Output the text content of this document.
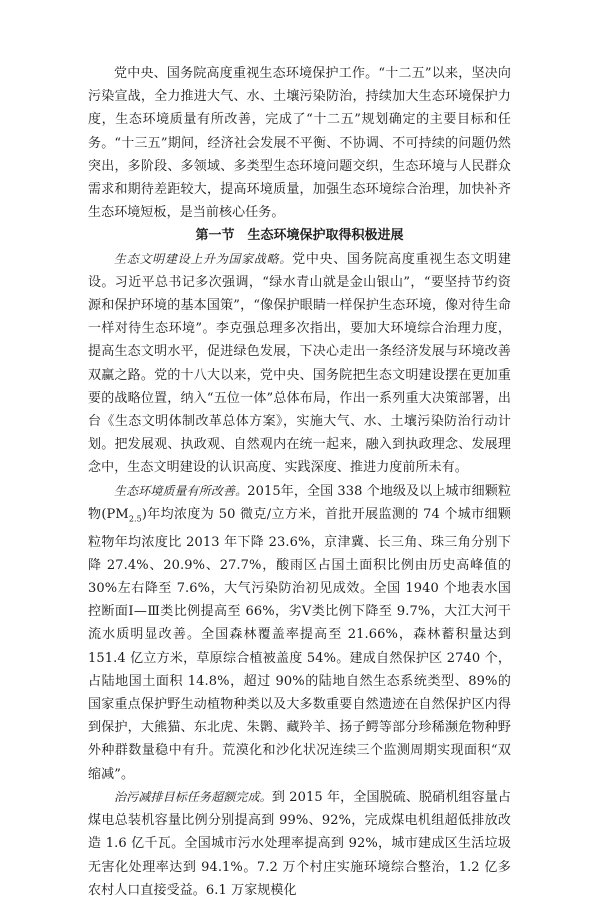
党中央、国务院高度重视生态环境保护工作。“十二五”以来，坚决向污染宣战，全力推进大气、水、土壤污染防治，持续加大生态环境保护力度，生态环境质量有所改善，完成了“十二五”规划确定的主要目标和任务。“十三五”期间，经济社会发展不平衡、不协调、不可持续的问题仍然突出，多阶段、多领域、多类型生态环境问题交织，生态环境与人民群众需求和期待差距较大，提高环境质量，加强生态环境综合治理，加快补齐生态环境短板，是当前核心任务。

第一节　生态环境保护取得积极进展

生态文明建设上升为国家战略。党中央、国务院高度重视生态文明建设。习近平总书记多次强调，“绿水青山就是金山银山”，“要坚持节约资源和保护环境的基本国策”，“像保护眼睛一样保护生态环境，像对待生命一样对待生态环境”。李克强总理多次指出，要加大环境综合治理力度，提高生态文明水平，促进绿色发展，下决心走出一条经济发展与环境改善双赢之路。党的十八大以来，党中央、国务院把生态文明建设摆在更加重要的战略位置，纳入“五位一体”总体布局，作出一系列重大决策部署，出台《生态文明体制改革总体方案》，实施大气、水、土壤污染防治行动计划。把发展观、执政观、自然观内在统一起来，融入到执政理念、发展理念中，生态文明建设的认识高度、实践深度、推进力度前所未有。

生态环境质量有所改善。2015年，全国 338 个地级及以上城市细颗粒物$(PM_{2.5})$年均浓度为 50 微克/立方米，首批开展监测的 74 个城市细颗粒物年均浓度比 2013 年下降 23.6%，京津冀、长三角、珠三角分别下降 27.4%、20.9%、27.7%，酸雨区占国土面积比例由历史高峰值的30%左右降至 7.6%，大气污染防治初见成效。全国 1940 个地表水国控断面Ⅰ—Ⅲ类比例提高至 66%，劣Ⅴ类比例下降至 9.7%，大江大河干流水质明显改善。全国森林覆盖率提高至 21.66%，森林蓄积量达到 151.4 亿立方米，草原综合植被盖度 54%。建成自然保护区 2740 个，占陆地国土面积 14.8%，超过 90%的陆地自然生态系统类型、89%的国家重点保护野生动植物种类以及大多数重要自然遗迹在自然保护区内得到保护，大熊猫、东北虎、朱鹮、藏羚羊、扬子鳄等部分珍稀濒危物种野外种群数量稳中有升。荒漠化和沙化状况连续三个监测周期实现面积“双缩减”。

治污减排目标任务超额完成。到 2015 年，全国脱硫、脱硝机组容量占煤电总装机容量比例分别提高到 99%、92%，完成煤电机组超低排放改造 1.6 亿千瓦。全国城市污水处理率提高到 92%，城市建成区生活垃圾无害化处理率达到 94.1%。7.2 万个村庄实施环境综合整治，1.2 亿多农村人口直接受益。6.1 万家规模化
